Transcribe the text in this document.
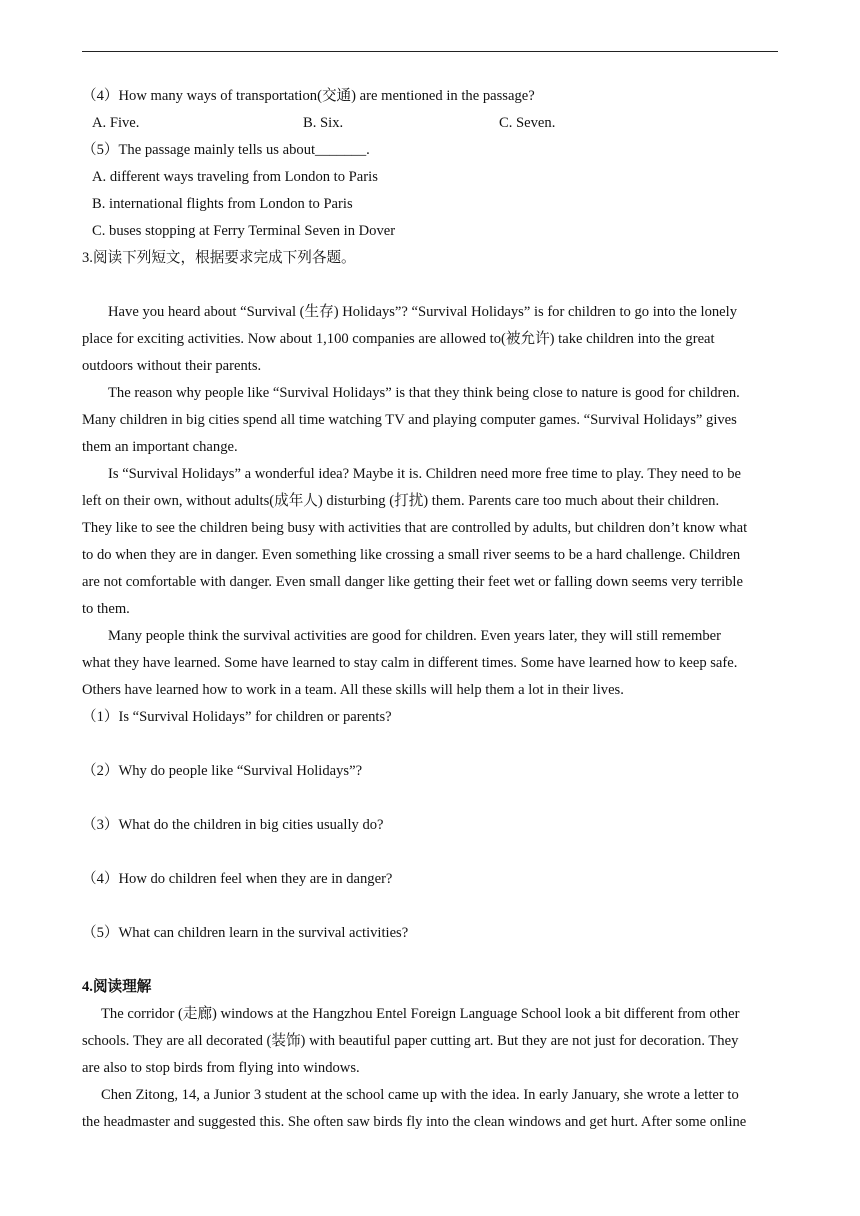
（4）How many ways of transportation(交通) are mentioned in the passage?
A. Five.	B. Six.	C. Seven.
（5）The passage mainly tells us about_______.
A. different ways traveling from London to Paris
B. international flights from London to Paris
C. buses stopping at Ferry Terminal Seven in Dover
3.阅读下列短文，根据要求完成下列各题。
Have you heard about “Survival (生存) Holidays”? “Survival Holidays” is for children to go into the lonely
place for exciting activities. Now about 1,100 companies are allowed to(被允许) take children into the great
outdoors without their parents.
The reason why people like “Survival Holidays” is that they think being close to nature is good for children.
Many children in big cities spend all time watching TV and playing computer games. “Survival Holidays” gives
them an important change.
Is “Survival Holidays” a wonderful idea? Maybe it is. Children need more free time to play. They need to be
left on their own, without adults(成年人) disturbing (打扰) them. Parents care too much about their children.
They like to see the children being busy with activities that are controlled by adults, but children don’t know what
to do when they are in danger. Even something like crossing a small river seems to be a hard challenge. Children
are not comfortable with danger. Even small danger like getting their feet wet or falling down seems very terrible
to them.
Many people think the survival activities are good for children. Even years later, they will still remember
what they have learned. Some have learned to stay calm in different times. Some have learned how to keep safe.
Others have learned how to work in a team. All these skills will help them a lot in their lives.
（1）Is “Survival Holidays” for children or parents?
（2）Why do people like “Survival Holidays”?
（3）What do the children in big cities usually do?
（4）How do children feel when they are in danger?
（5）What can children learn in the survival activities?
4.阅读理解
The corridor (走廊) windows at the Hangzhou Entel Foreign Language School look a bit different from other
schools. They are all decorated (装饰) with beautiful paper cutting art. But they are not just for decoration. They
are also to stop birds from flying into windows.
Chen Zitong, 14, a Junior 3 student at the school came up with the idea. In early January, she wrote a letter to
the headmaster and suggested this. She often saw birds fly into the clean windows and get hurt. After some online
